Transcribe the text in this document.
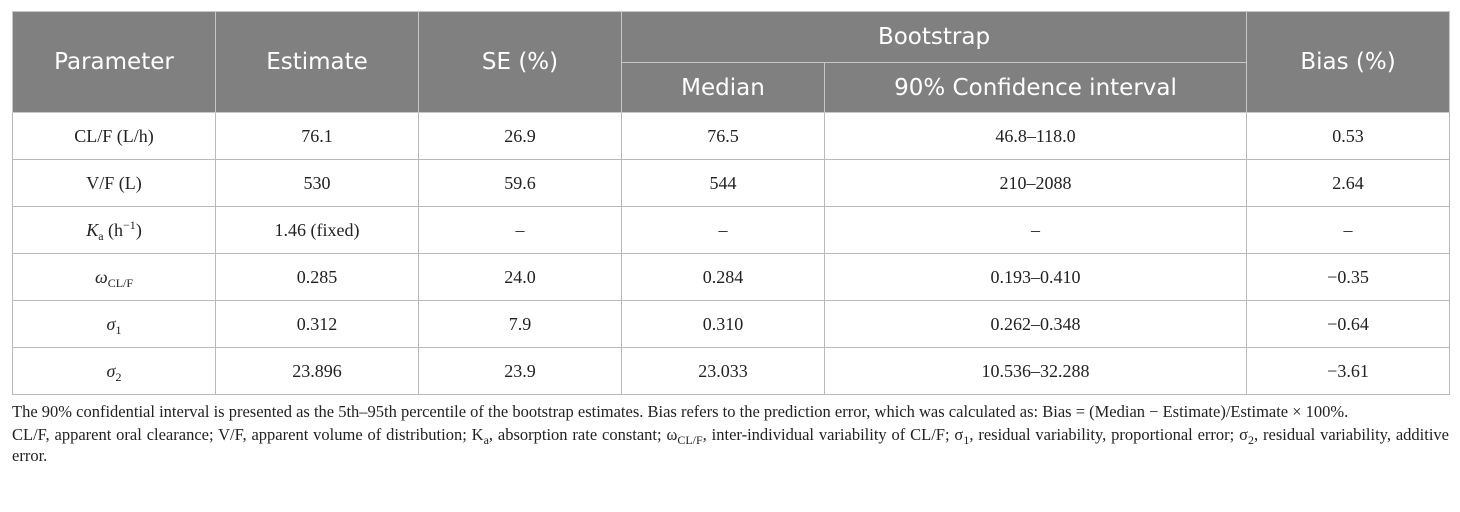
Parameter	Estimate	SE (%)	Bootstrap		Bias (%)
			Median	90% Confidence interval	
CL/F (L/h)	76.1	26.9	76.5	46.8–118.0	0.53
V/F (L)	530	59.6	544	210–2088	2.64
$K_a$ $(h^{-1})$	1.46 (fixed)	–	–	–	–
$\omega_{CL/F}$	0.285	24.0	0.284	0.193–0.410	−0.35
$\sigma_1$	0.312	7.9	0.310	0.262–0.348	−0.64
$\sigma_2$	23.896	23.9	23.033	10.536–32.288	−3.61

The 90% confidential interval is presented as the 5th–95th percentile of the bootstrap estimates. Bias refers to the prediction error, which was calculated as: Bias = (Median − Estimate)/Estimate × 100%.

CL/F, apparent oral clearance; V/F, apparent volume of distribution; $K_a$, absorption rate constant; $\omega_{CL/F}$, inter-individual variability of CL/F; $\sigma_1$, residual variability, proportional error; $\sigma_2$, residual variability, additive error.
